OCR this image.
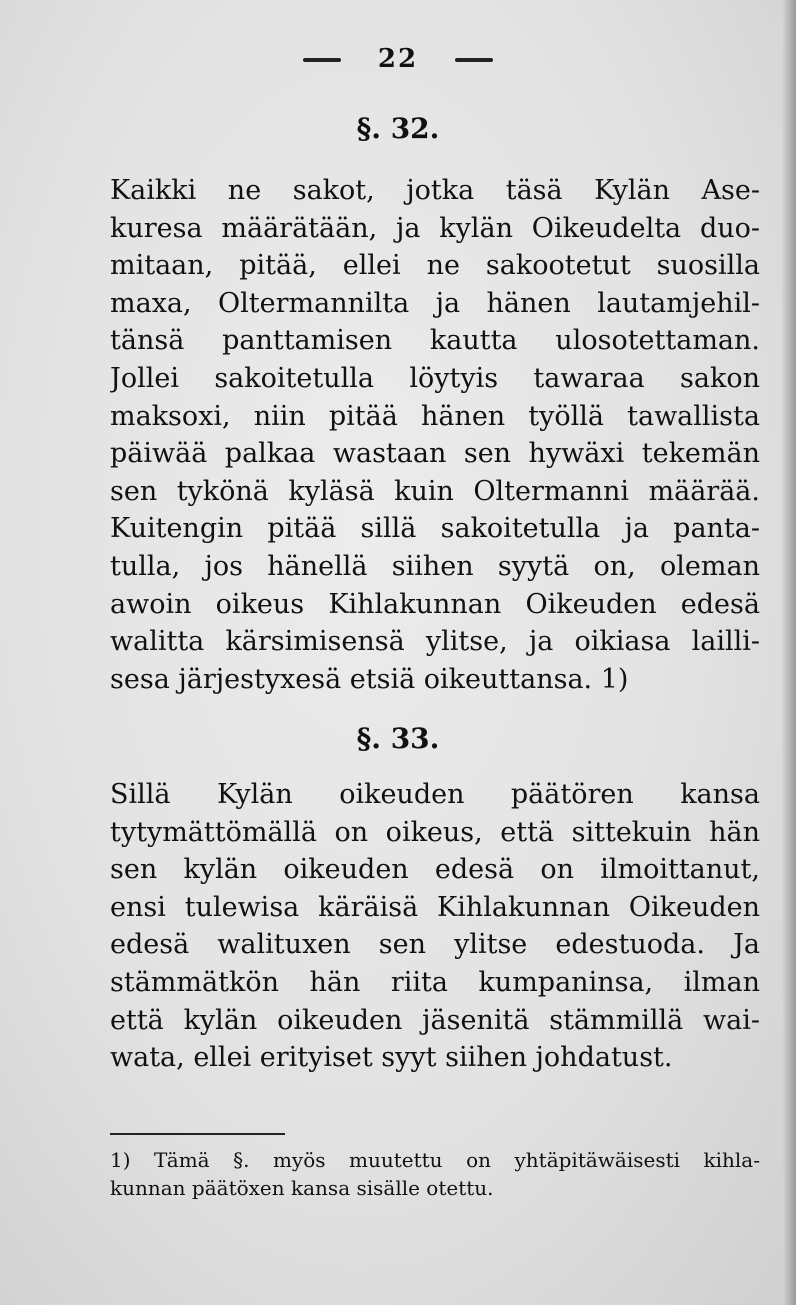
22
§. 32.
Kaikki ne sakot, jotka täsä Kylän Ase-
kuresa määrätään, ja kylän Oikeudelta duo-
mitaan, pitää, ellei ne sakootetut suosilla
maxa, Oltermannilta ja hänen lautamjehil-
tänsä panttamisen kautta ulosotettaman.
Jollei sakoitetulla löytyis tawaraa sakon
maksoxi, niin pitää hänen työllä tawallista
päiwää palkaa wastaan sen hywäxi tekemän
sen tykönä kyläsä kuin Oltermanni määrää.
Kuitengin pitää sillä sakoitetulla ja panta-
tulla, jos hänellä siihen syytä on, oleman
awoin oikeus Kihlakunnan Oikeuden edesä
walitta kärsimisensä ylitse, ja oikiasa lailli-
sesa järjestyxesä etsiä oikeuttansa. 1)
§. 33.
Sillä Kylän oikeuden päätören kansa
tytymättömällä on oikeus, että sittekuin hän
sen kylän oikeuden edesä on ilmoittanut,
ensi tulewisa käräisä Kihlakunnan Oikeuden
edesä walituxen sen ylitse edestuoda. Ja
stämmätkön hän riita kumpaninsa, ilman
että kylän oikeuden jäsenitä stämmillä wai-
wata, ellei erityiset syyt siihen johdatust.
1) Tämä §. myös muutettu on yhtäpitäwäisesti kihla-
kunnan päätöxen kansa sisälle otettu.
